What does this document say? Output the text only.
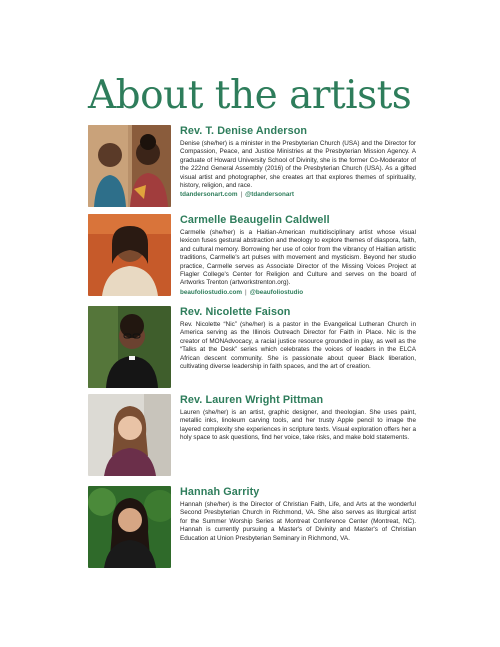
About the artists
Rev. T. Denise Anderson

Denise (she/her) is a minister in the Presbyterian Church (USA) and the Director for Compassion, Peace, and Justice Ministries at the Presbyterian Mission Agency. A graduate of Howard University School of Divinity, she is the former Co-Moderator of the 222nd General Assembly (2016) of the Presbyterian Church (USA). As a gifted visual artist and photographer, she creates art that explores themes of spirituality, history, religion, and race.

tdandersonart.com | @tdandersonart

Carmelle Beaugelin Caldwell

Carmelle (she/her) is a Haitian-American multidisciplinary artist whose visual lexicon fuses gestural abstraction and theology to explore themes of diaspora, faith, and cultural memory. Borrowing her use of color from the vibrancy of Haitian artistic traditions, Carmelle's art pulses with movement and mysticism. Beyond her studio practice, Carmelle serves as Associate Director of the Missing Voices Project at Flagler College's Center for Religion and Culture and serves on the board of Artworks Trenton (artworkstrenton.org).

beaufoliostudio.com | @beaufoliostudio

Rev. Nicolette Faison

Rev. Nicolette “Nic” (she/her) is a pastor in the Evangelical Lutheran Church in America serving as the Illinois Outreach Director for Faith in Place. Nic is the creator of MONAdvocacy, a racial justice resource grounded in play, as well as the “Talks at the Desk” series which celebrates the voices of leaders in the ELCA African descent community. She is passionate about queer Black liberation, cultivating diverse leadership in faith spaces, and the art of creation.

Rev. Lauren Wright Pittman

Lauren (she/her) is an artist, graphic designer, and theologian. She uses paint, metallic inks, linoleum carving tools, and her trusty Apple pencil to image the layered complexity she experiences in scripture texts. Visual exploration offers her a holy space to ask questions, find her voice, take risks, and make bold statements.

Hannah Garrity

Hannah (she/her) is the Director of Christian Faith, Life, and Arts at the wonderful Second Presbyterian Church in Richmond, VA. She also serves as liturgical artist for the Summer Worship Series at Montreat Conference Center (Montreat, NC). Hannah is currently pursuing a Master's of Divinity and Master's of Christian Education at Union Presbyterian Seminary in Richmond, VA.
